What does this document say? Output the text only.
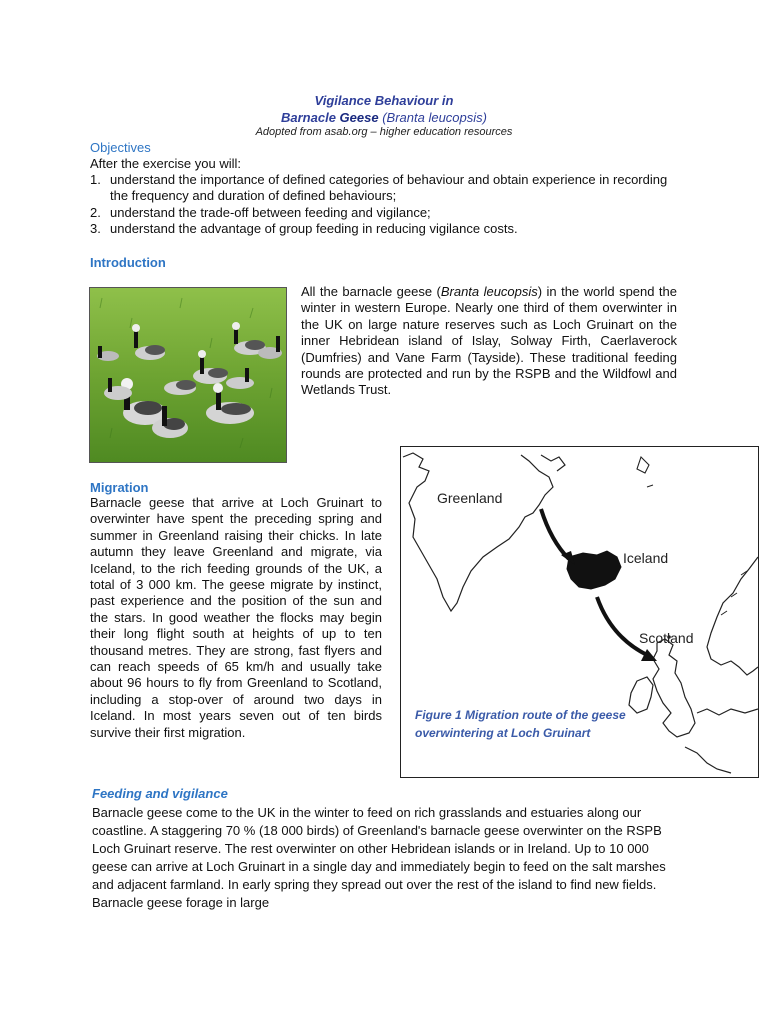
Vigilance Behaviour in
Barnacle Geese (Branta leucopsis)
Adopted from asab.org – higher education resources
Objectives
After the exercise you will:
1. understand the importance of defined categories of behaviour and obtain experience in recording the frequency and duration of defined behaviours;
2. understand the trade-off between feeding and vigilance;
3. understand the advantage of group feeding in reducing vigilance costs.
Introduction
All the barnacle geese (Branta leucopsis) in the world spend the winter in western Europe. Nearly one third of them overwinter in the UK on large nature reserves such as Loch Gruinart on the inner Hebridean island of Islay, Solway Firth, Caerlaverock (Dumfries) and Vane Farm (Tayside). These traditional feeding rounds are protected and run by the RSPB and the Wildfowl and Wetlands Trust.
Migration
Barnacle geese that arrive at Loch Gruinart to overwinter have spent the preceding spring and summer in Greenland raising their chicks. In late autumn they leave Greenland and migrate, via Iceland, to the rich feeding grounds of the UK, a total of 3 000 km. The geese migrate by instinct, past experience and the position of the sun and the stars. In good weather the flocks may begin their long flight south at heights of up to ten thousand metres. They are strong, fast flyers and can reach speeds of 65 km/h and usually take about 96 hours to fly from Greenland to Scotland, including a stop-over of around two days in Iceland. In most years seven out of ten birds survive their first migration.
Greenland
Iceland
Scotland
Figure 1 Migration route of the geese
overwintering at Loch Gruinart
Feeding and vigilance
Barnacle geese come to the UK in the winter to feed on rich grasslands and estuaries along our coastline. A staggering 70 % (18 000 birds) of Greenland's barnacle geese overwinter on the RSPB Loch Gruinart reserve. The rest overwinter on other Hebridean islands or in Ireland. Up to 10 000 geese can arrive at Loch Gruinart in a single day and immediately begin to feed on the salt marshes and adjacent farmland. In early spring they spread out over the rest of the island to find new fields. Barnacle geese forage in large
